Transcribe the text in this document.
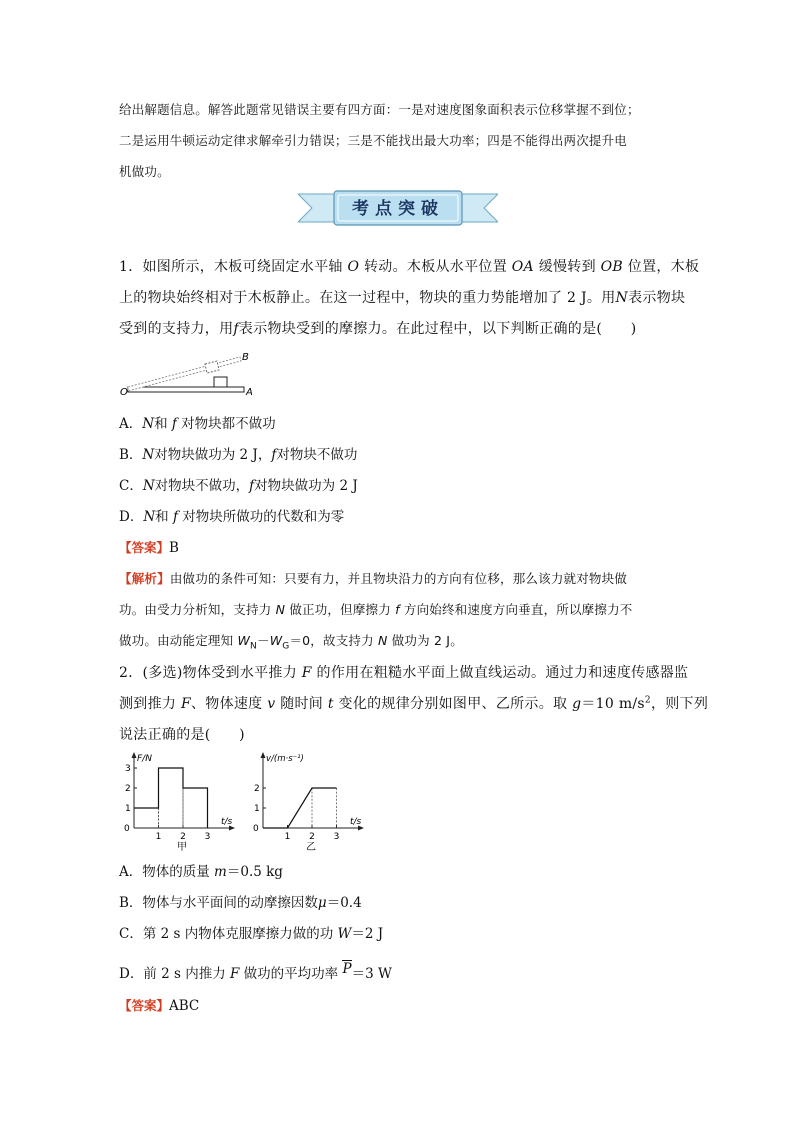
给出解题信息。解答此题常见错误主要有四方面：一是对速度图象面积表示位移掌握不到位；
二是运用牛顿运动定律求解牵引力错误；三是不能找出最大功率；四是不能得出两次提升电
机做功。
考点突破
1．如图所示，木板可绕固定水平轴 O 转动。木板从水平位置 OA 缓慢转到 OB 位置，木板
上的物块始终相对于木板静止。在这一过程中，物块的重力势能增加了 2 J。用N表示物块
受到的支持力，用f表示物块受到的摩擦力。在此过程中，以下判断正确的是(　　)
O	A
B
A．N和 f 对物块都不做功
B．N对物块做功为 2 J，f对物块不做功
C．N对物块不做功，f对物块做功为 2 J
D．N和 f 对物块所做功的代数和为零
【答案】B
【解析】由做功的条件可知：只要有力，并且物块沿力的方向有位移，那么该力就对物块做
功。由受力分析知，支持力 N 做正功，但摩擦力 f 方向始终和速度方向垂直，所以摩擦力不
做功。由动能定理知 $W_N-W_G=0$，故支持力 N 做功为 2 J。
2．(多选)物体受到水平推力 F 的作用在粗糙水平面上做直线运动。通过力和速度传感器监
测到推力 F、物体速度 v 随时间 t 变化的规律分别如图甲、乙所示。取 g＝10 $m/s^2$，则下列
说法正确的是(　　)
0
1 2 3
1
2
3
F/N
t/s
甲
0
1 2 3
1
2
v/(m·s⁻¹)
t/s
乙
A．物体的质量 m＝0.5 kg
B．物体与水平面间的动摩擦因数μ＝0.4
C．第 2 s 内物体克服摩擦力做的功 W＝2 J
D．前 2 s 内推力 F 做功的平均功率 P＝3 W
【答案】ABC
